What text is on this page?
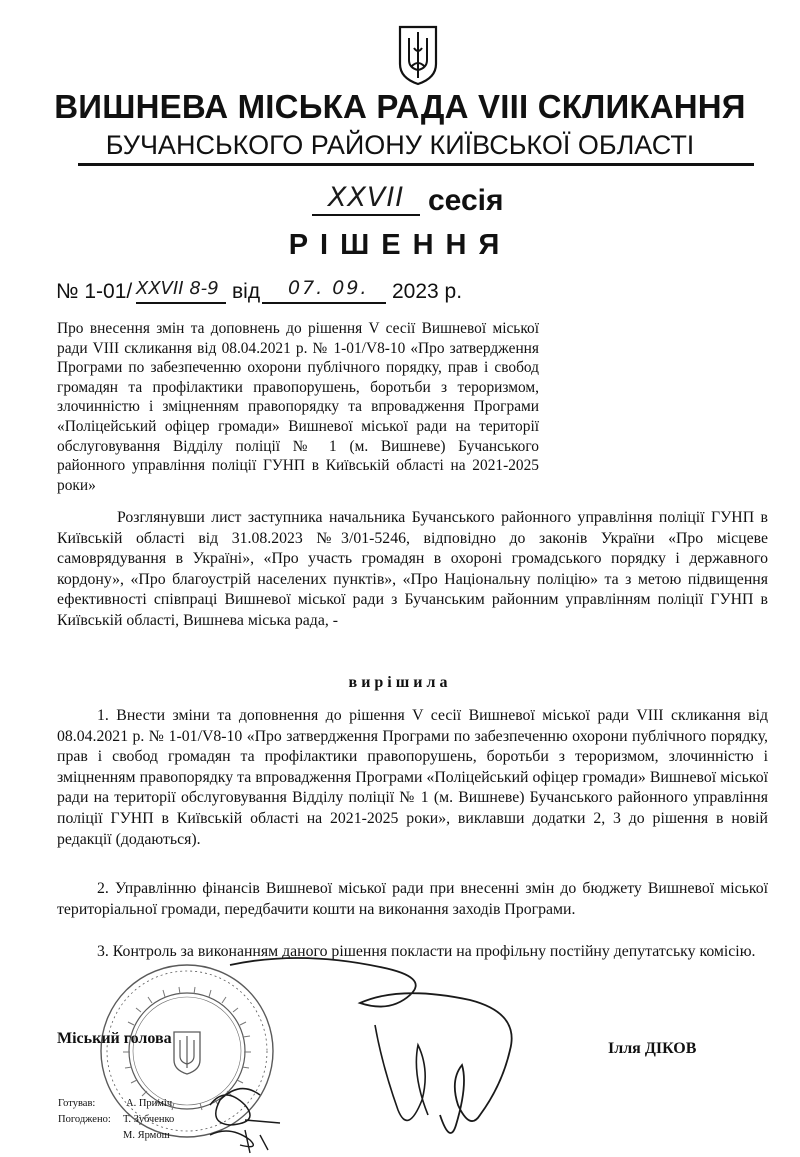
ВИШНЕВА МІСЬКА РАДА VIII СКЛИКАННЯ
БУЧАНСЬКОГО РАЙОНУ КИЇВСЬКОЇ ОБЛАСТІ
XXVII сесія
РІШЕННЯ
№ 1-01/ XXVII 8-9 від 07. 09. 2023 р.
Про внесення змін та доповнень до рішення V сесії Вишневої міської ради VIII скликання від 08.04.2021 р. № 1-01/V8-10 «Про затвердження Програми по забезпеченню охорони публічного порядку, прав і свобод громадян та профілактики правопорушень, боротьби з тероризмом, злочинністю і зміцненням правопорядку та впровадження Програми «Поліцейський офіцер громади» Вишневої міської ради на території обслуговування Відділу поліції № 1 (м. Вишневе) Бучанського районного управління поліції ГУНП в Київській області на 2021-2025 роки»

Розглянувши лист заступника начальника Бучанського районного управління поліції ГУНП в Київській області від 31.08.2023 №3/01-5246, відповідно до законів України «Про місцеве самоврядування в Україні», «Про участь громадян в охороні громадського порядку і державного кордону», «Про благоустрій населених пунктів», «Про Національну поліцію» та з метою підвищення ефективності співпраці Вишневої міської ради з Бучанським районним управлінням поліції ГУНП в Київській області, Вишнева міська рада, -

вирішила

1. Внести зміни та доповнення до рішення V сесії Вишневої міської ради VIII скликання від 08.04.2021 р. № 1-01/V8-10 «Про затвердження Програми по забезпеченню охорони публічного порядку, прав і свобод громадян та профілактики правопорушень, боротьби з тероризмом, злочинністю і зміцненням правопорядку та впровадження Програми «Поліцейський офіцер громади» Вишневої міської ради на території обслуговування Відділу поліції № 1 (м. Вишневе) Бучанського районного управління поліції ГУНП в Київській області на 2021-2025 роки», виклавши додатки 2, 3 до рішення в новій редакції (додаються).

2. Управлінню фінансів Вишневої міської ради при внесенні змін до бюджету Вишневої міської територіальної громади, передбачити кошти на виконання заходів Програми.

3. Контроль за виконанням даного рішення покласти на профільну постійну депутатську комісію.

Міський голова
Ілля ДІКОВ
Готував:	А. Приміч
Погоджено: Т. Зубченко
М. Ярмош
